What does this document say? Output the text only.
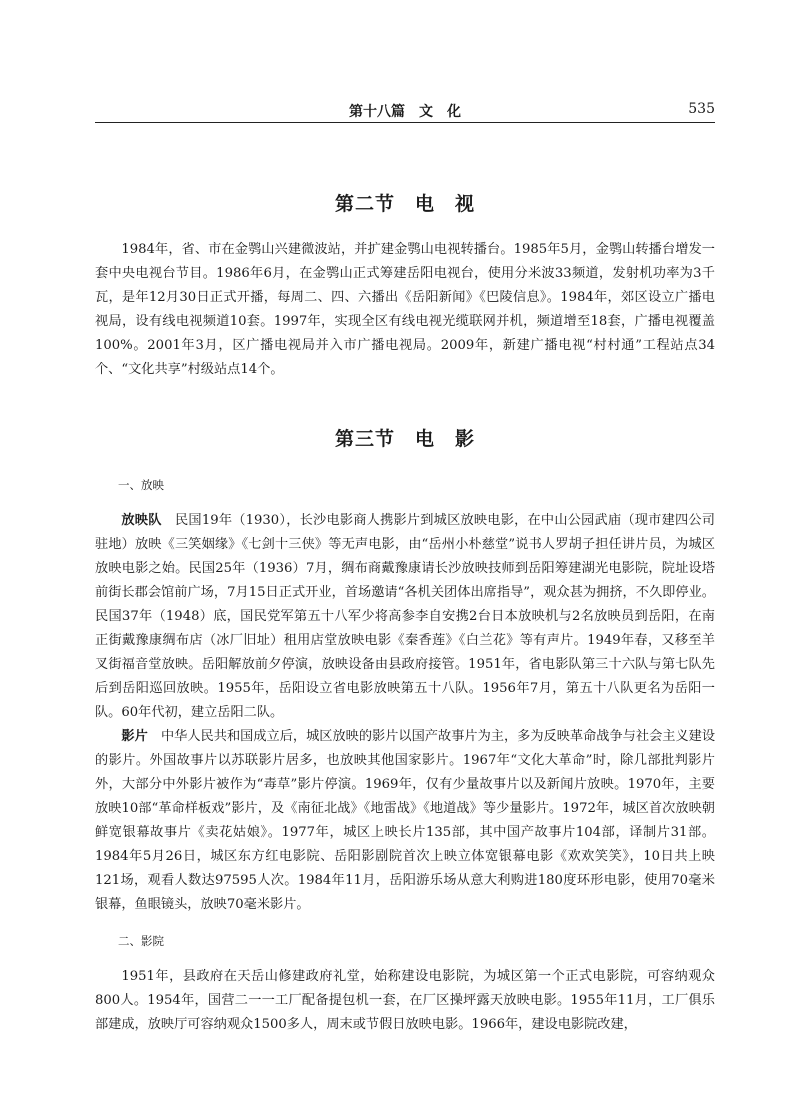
第十八篇　文　化	535
第二节　电　视

1984年，省、市在金鹗山兴建微波站，并扩建金鹗山电视转播台。1985年5月，金鹗山转播台增发一套中央电视台节目。1986年6月，在金鹗山正式筹建岳阳电视台，使用分米波33频道，发射机功率为3千瓦，是年12月30日正式开播，每周二、四、六播出《岳阳新闻》《巴陵信息》。1984年，郊区设立广播电视局，设有线电视频道10套。1997年，实现全区有线电视光缆联网并机，频道增至18套，广播电视覆盖100%。2001年3月，区广播电视局并入市广播电视局。2009年，新建广播电视“村村通”工程站点34个、“文化共享”村级站点14个。

第三节　电　影
一、放映

放映队　 民国19年（1930），长沙电影商人携影片到城区放映电影，在中山公园武庙（现市建四公司驻地）放映《三笑姻缘》《七剑十三侠》等无声电影，由“岳州小朴慈堂”说书人罗胡子担任讲片员，为城区放映电影之始。民国25年（1936）7月，绸布商戴豫康请长沙放映技师到岳阳筹建湖光电影院，院址设塔前街长郡会馆前广场，7月15日正式开业，首场邀请“各机关团体出席指导”，观众甚为拥挤，不久即停业。民国37年（1948）底，国民党军第五十八军少将高参李自安携2台日本放映机与2名放映员到岳阳，在南正街戴豫康绸布店（冰厂旧址）租用店堂放映电影《秦香莲》《白兰花》等有声片。1949年春，又移至羊叉街福音堂放映。岳阳解放前夕停演，放映设备由县政府接管。1951年，省电影队第三十六队与第七队先后到岳阳巡回放映。1955年，岳阳设立省电影放映第五十八队。1956年7月，第五十八队更名为岳阳一队。60年代初，建立岳阳二队。

影片　 中华人民共和国成立后，城区放映的影片以国产故事片为主，多为反映革命战争与社会主义建设的影片。外国故事片以苏联影片居多，也放映其他国家影片。1967年“文化大革命”时，除几部批判影片外，大部分中外影片被作为“毒草”影片停演。1969年，仅有少量故事片以及新闻片放映。1970年，主要放映10部“革命样板戏”影片，及《南征北战》《地雷战》《地道战》等少量影片。1972年，城区首次放映朝鲜宽银幕故事片《卖花姑娘》。1977年，城区上映长片135部，其中国产故事片104部，译制片31部。1984年5月26日，城区东方红电影院、岳阳影剧院首次上映立体宽银幕电影《欢欢笑笑》，10日共上映121场，观看人数达97595人次。1984年11月，岳阳游乐场从意大利购进180度环形电影，使用70毫米银幕，鱼眼镜头，放映70毫米影片。

二、影院

1951年，县政府在天岳山修建政府礼堂，始称建设电影院，为城区第一个正式电影院，可容纳观众800人。1954年，国营二一一工厂配备提包机一套，在厂区操坪露天放映电影。1955年11月，工厂俱乐部建成，放映厅可容纳观众1500多人，周末或节假日放映电影。1966年，建设电影院改建，
